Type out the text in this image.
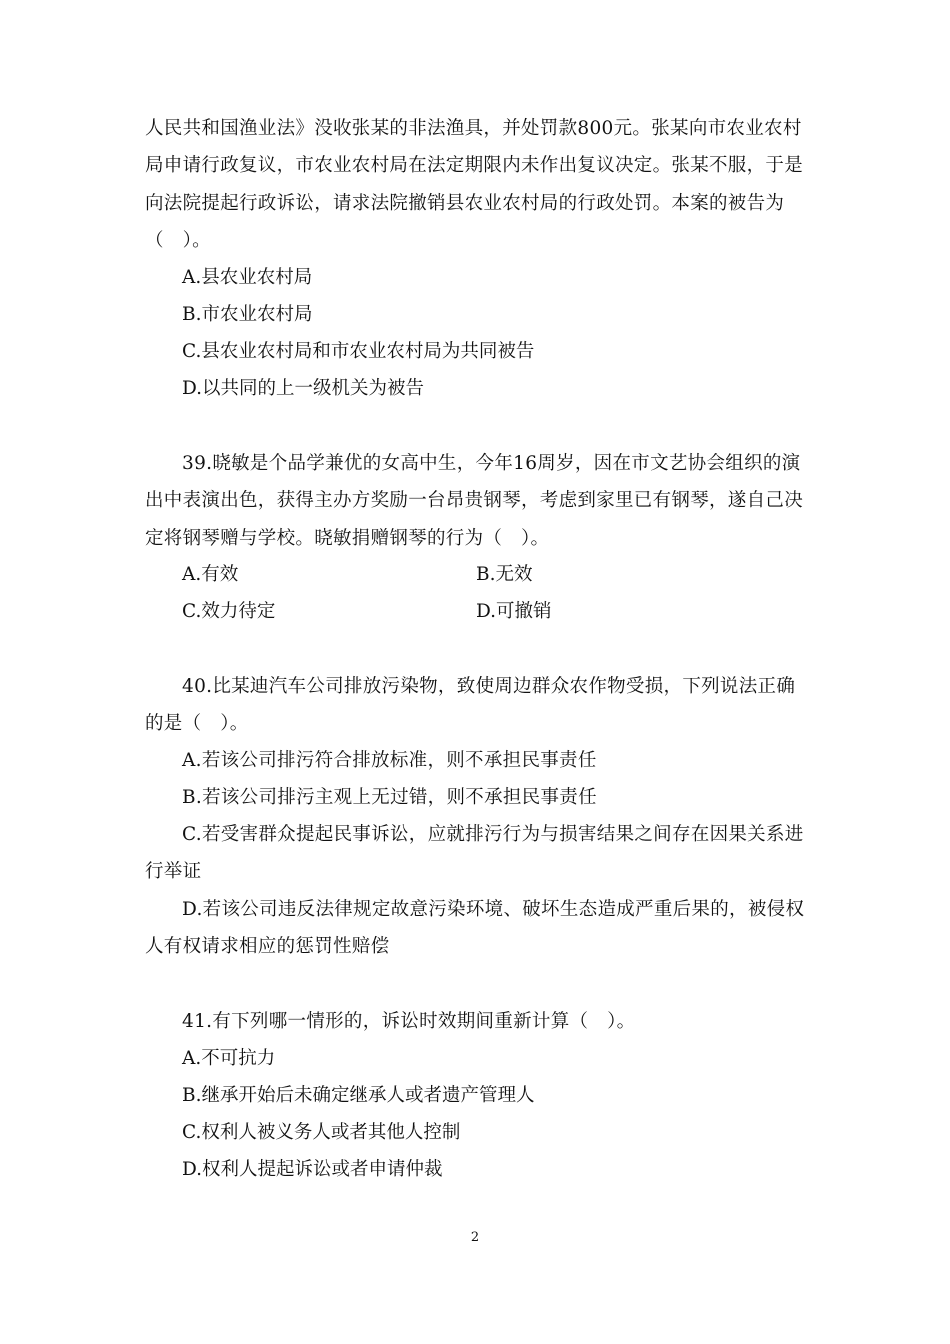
人民共和国渔业法》没收张某的非法渔具，并处罚款800元。张某向市农业农村局申请行政复议，市农业农村局在法定期限内未作出复议决定。张某不服，于是向法院提起行政诉讼，请求法院撤销县农业农村局的行政处罚。本案的被告为（　）。

A.县农业农村局

B.市农业农村局

C.县农业农村局和市农业农村局为共同被告

D.以共同的上一级机关为被告

39.晓敏是个品学兼优的女高中生，今年16周岁，因在市文艺协会组织的演出中表演出色，获得主办方奖励一台昂贵钢琴，考虑到家里已有钢琴，遂自己决定将钢琴赠与学校。晓敏捐赠钢琴的行为（　）。

A.有效	B.无效

C.效力待定	D.可撤销

40.比某迪汽车公司排放污染物，致使周边群众农作物受损，下列说法正确的是（　）。

A.若该公司排污符合排放标准，则不承担民事责任

B.若该公司排污主观上无过错，则不承担民事责任

C.若受害群众提起民事诉讼，应就排污行为与损害结果之间存在因果关系进行举证

D.若该公司违反法律规定故意污染环境、破坏生态造成严重后果的，被侵权人有权请求相应的惩罚性赔偿

41.有下列哪一情形的，诉讼时效期间重新计算（　）。

A.不可抗力

B.继承开始后未确定继承人或者遗产管理人

C.权利人被义务人或者其他人控制

D.权利人提起诉讼或者申请仲裁

2
